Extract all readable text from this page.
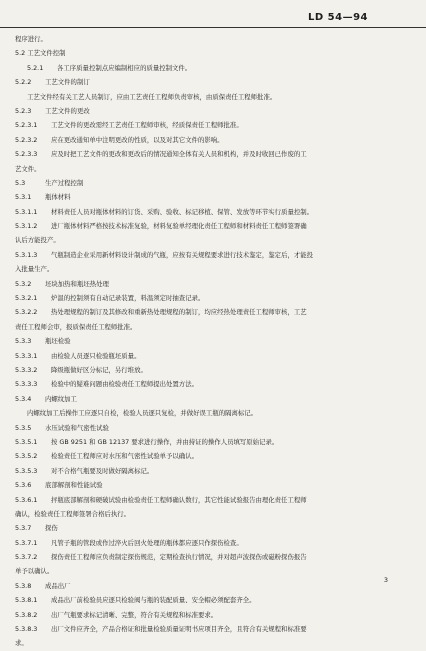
LD 54—94
程序进行。
5.2 工艺文件控制
5.2.1 各工序质量控制点应编制相应的质量控制文件。
5.2.2 工艺文件的制订
工艺文件经有关工艺人员制订，应由工艺责任工程师负责审核，由质保责任工程师批准。
5.2.3 工艺文件的更改
5.2.3.1 工艺文件的更改需经工艺责任工程师审核，经质保责任工程师批准。
5.2.3.2 应在更改通知单中注明更改的性质，以及对其它文件的影响。
5.2.3.3 应及时把工艺文件的更改和更改后的情况通知全体有关人员和机构，并及时收回已作废的工
艺文件。
5.3	生产过程控制
5.3.1 瓶体材料
5.3.1.1 材料责任人员对瓶体材料的订货、采购、验收、标记移植、保管、发放等环节实行质量控制。
5.3.1.2 进厂瓶体材料严格按技术标准复验，材料复验单经理化责任工程师和材料责任工程师签署确
认后方能投产。
5.3.1.3 气瓶制造企业采用新材料设计制成的气瓶，应按有关规程要求进行技术鉴定，鉴定后，才能投
入批量生产。
5.3.2 坯块加热和瓶坯热处理
5.3.2.1 炉温的控制须有自动记录装置，料温须定时抽查记录。
5.3.2.2 热处理规程的制订及其修改和重新热处理规程的制订，均应经热处理责任工程师审核，工艺
责任工程师会审，报质保责任工程师批准。
5.3.3 瓶坯检验
5.3.3.1 由检验人员逐只检验瓶坯质量。
5.3.3.2 降级瓶做好区分标记，另行堆放。
5.3.3.3 检验中的疑难问题由检验责任工程师提出处置方法。
5.3.4 内螺纹加工
内螺纹加工后操作工应逐只自检，检验人员逐只复检，并做好误工瓶的隔离标记。
5.3.5 水压试验和气密性试验
5.3.5.1 按 GB 9251 和 GB 12137 要求进行操作，并由持证的操作人员填写原始记录。
5.3.5.2 检验责任工程师应对水压和气密性试验单予以确认。
5.3.5.3 对不合格气瓶要及时做好隔离标记。
5.3.6 底部解剖和性能试验
5.3.6.1 抨瓶底部解剖和硬破试验由检验责任工程师确认数行，其它性能试验报告由理化责任工程师
确认，检验责任工程师签署合格后执行。
5.3.7 探伤
5.3.7.1 凡管子瓶的管段或作过淬火后回火处理的瓶体都应逐只作探伤检查。
5.3.7.2 探伤责任工程师应负责制定探伤规范，定期检查执行情况，并对超声波探伤或磁粉探伤报告
单予以确认。
5.3.8 成品出厂
5.3.8.1 成品出厂前检验员应逐只检验阀与瓶的装配质量、安全帽必须配套齐全。
5.3.8.2 出厂气瓶要求标记清晰、完整，符合有关规程和标准要求。
5.3.8.3 出厂文件应齐全，产品合格证和批量检验质量证明书应项目齐全，且符合有关规程和标准要
求。
3
